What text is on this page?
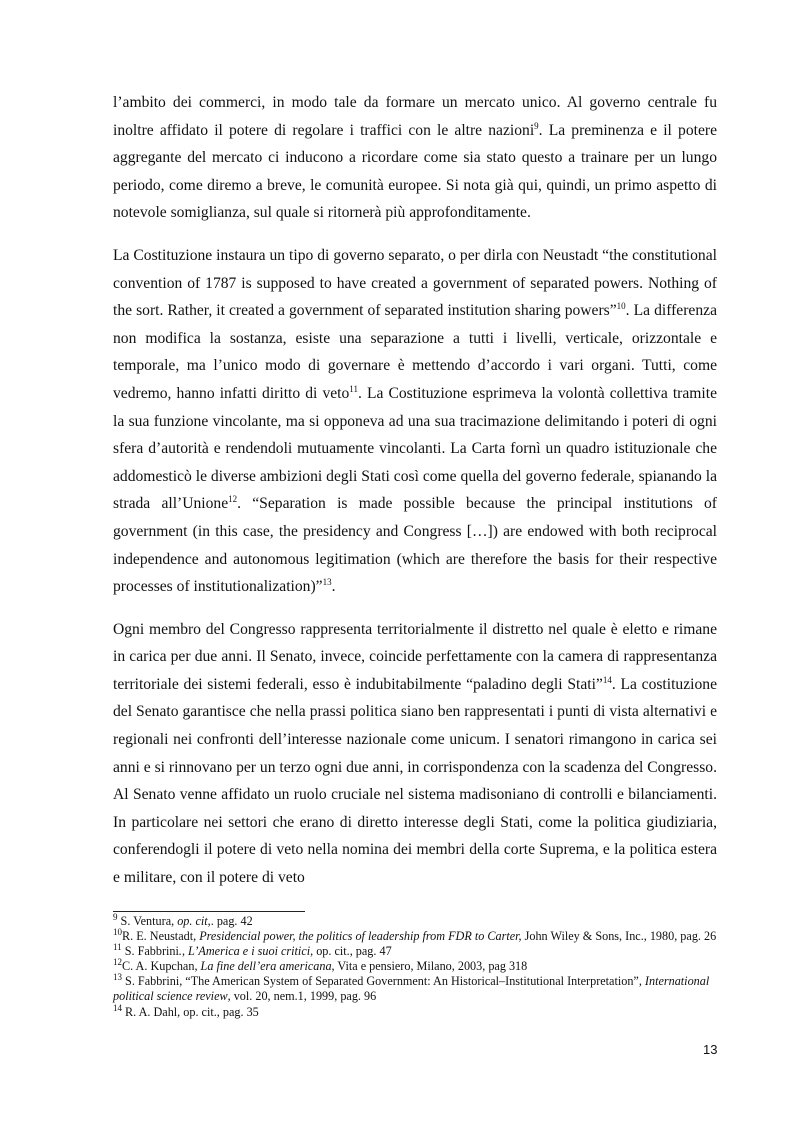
l’ambito dei commerci, in modo tale da formare un mercato unico. Al governo centrale fu inoltre affidato il potere di regolare i traffici con le altre nazioni$^9$. La preminenza e il potere aggregante del mercato ci inducono a ricordare come sia stato questo a trainare per un lungo periodo, come diremo a breve, le comunità europee. Si nota già qui, quindi, un primo aspetto di notevole somiglianza, sul quale si ritornerà più approfonditamente.

La Costituzione instaura un tipo di governo separato, o per dirla con Neustadt “the constitutional convention of 1787 is supposed to have created a government of separated powers. Nothing of the sort. Rather, it created a government of separated institution sharing powers”$^{10}$. La differenza non modifica la sostanza, esiste una separazione a tutti i livelli, verticale, orizzontale e temporale, ma l’unico modo di governare è mettendo d’accordo i vari organi. Tutti, come vedremo, hanno infatti diritto di veto$^{11}$. La Costituzione esprimeva la volontà collettiva tramite la sua funzione vincolante, ma si opponeva ad una sua tracimazione delimitando i poteri di ogni sfera d’autorità e rendendoli mutuamente vincolanti. La Carta fornì un quadro istituzionale che addomesticò le diverse ambizioni degli Stati così come quella del governo federale, spianando la strada all’Unione$^{12}$. “Separation is made possible because the principal institutions of government (in this case, the presidency and Congress […]) are endowed with both reciprocal independence and autonomous legitimation (which are therefore the basis for their respective processes of institutionalization)”$^{13}$.

Ogni membro del Congresso rappresenta territorialmente il distretto nel quale è eletto e rimane in carica per due anni. Il Senato, invece, coincide perfettamente con la camera di rappresentanza territoriale dei sistemi federali, esso è indubitabilmente “paladino degli Stati”$^{14}$. La costituzione del Senato garantisce che nella prassi politica siano ben rappresentati i punti di vista alternativi e regionali nei confronti dell’interesse nazionale come unicum. I senatori rimangono in carica sei anni e si rinnovano per un terzo ogni due anni, in corrispondenza con la scadenza del Congresso. Al Senato venne affidato un ruolo cruciale nel sistema madisoniano di controlli e bilanciamenti. In particolare nei settori che erano di diretto interesse degli Stati, come la politica giudiziaria, conferendogli il potere di veto nella nomina dei membri della corte Suprema, e la politica estera e militare, con il potere di veto

$^9$ S. Ventura, op. cit,. pag. 42

$^{10}$R. E. Neustadt, Presidencial power, the politics of leadership from FDR to Carter, John Wiley & Sons, Inc., 1980, pag. 26

$^{11}$ S. Fabbrini., L’America e i suoi critici, op. cit., pag. 47

$^{12}$C. A. Kupchan, La fine dell’era americana, Vita e pensiero, Milano, 2003, pag 318

$^{13}$ S. Fabbrini, “The American System of Separated Government: An Historical–Institutional Interpretation”, International political science review, vol. 20, nem.1, 1999, pag. 96

$^{14}$ R. A. Dahl, op. cit., pag. 35

13
